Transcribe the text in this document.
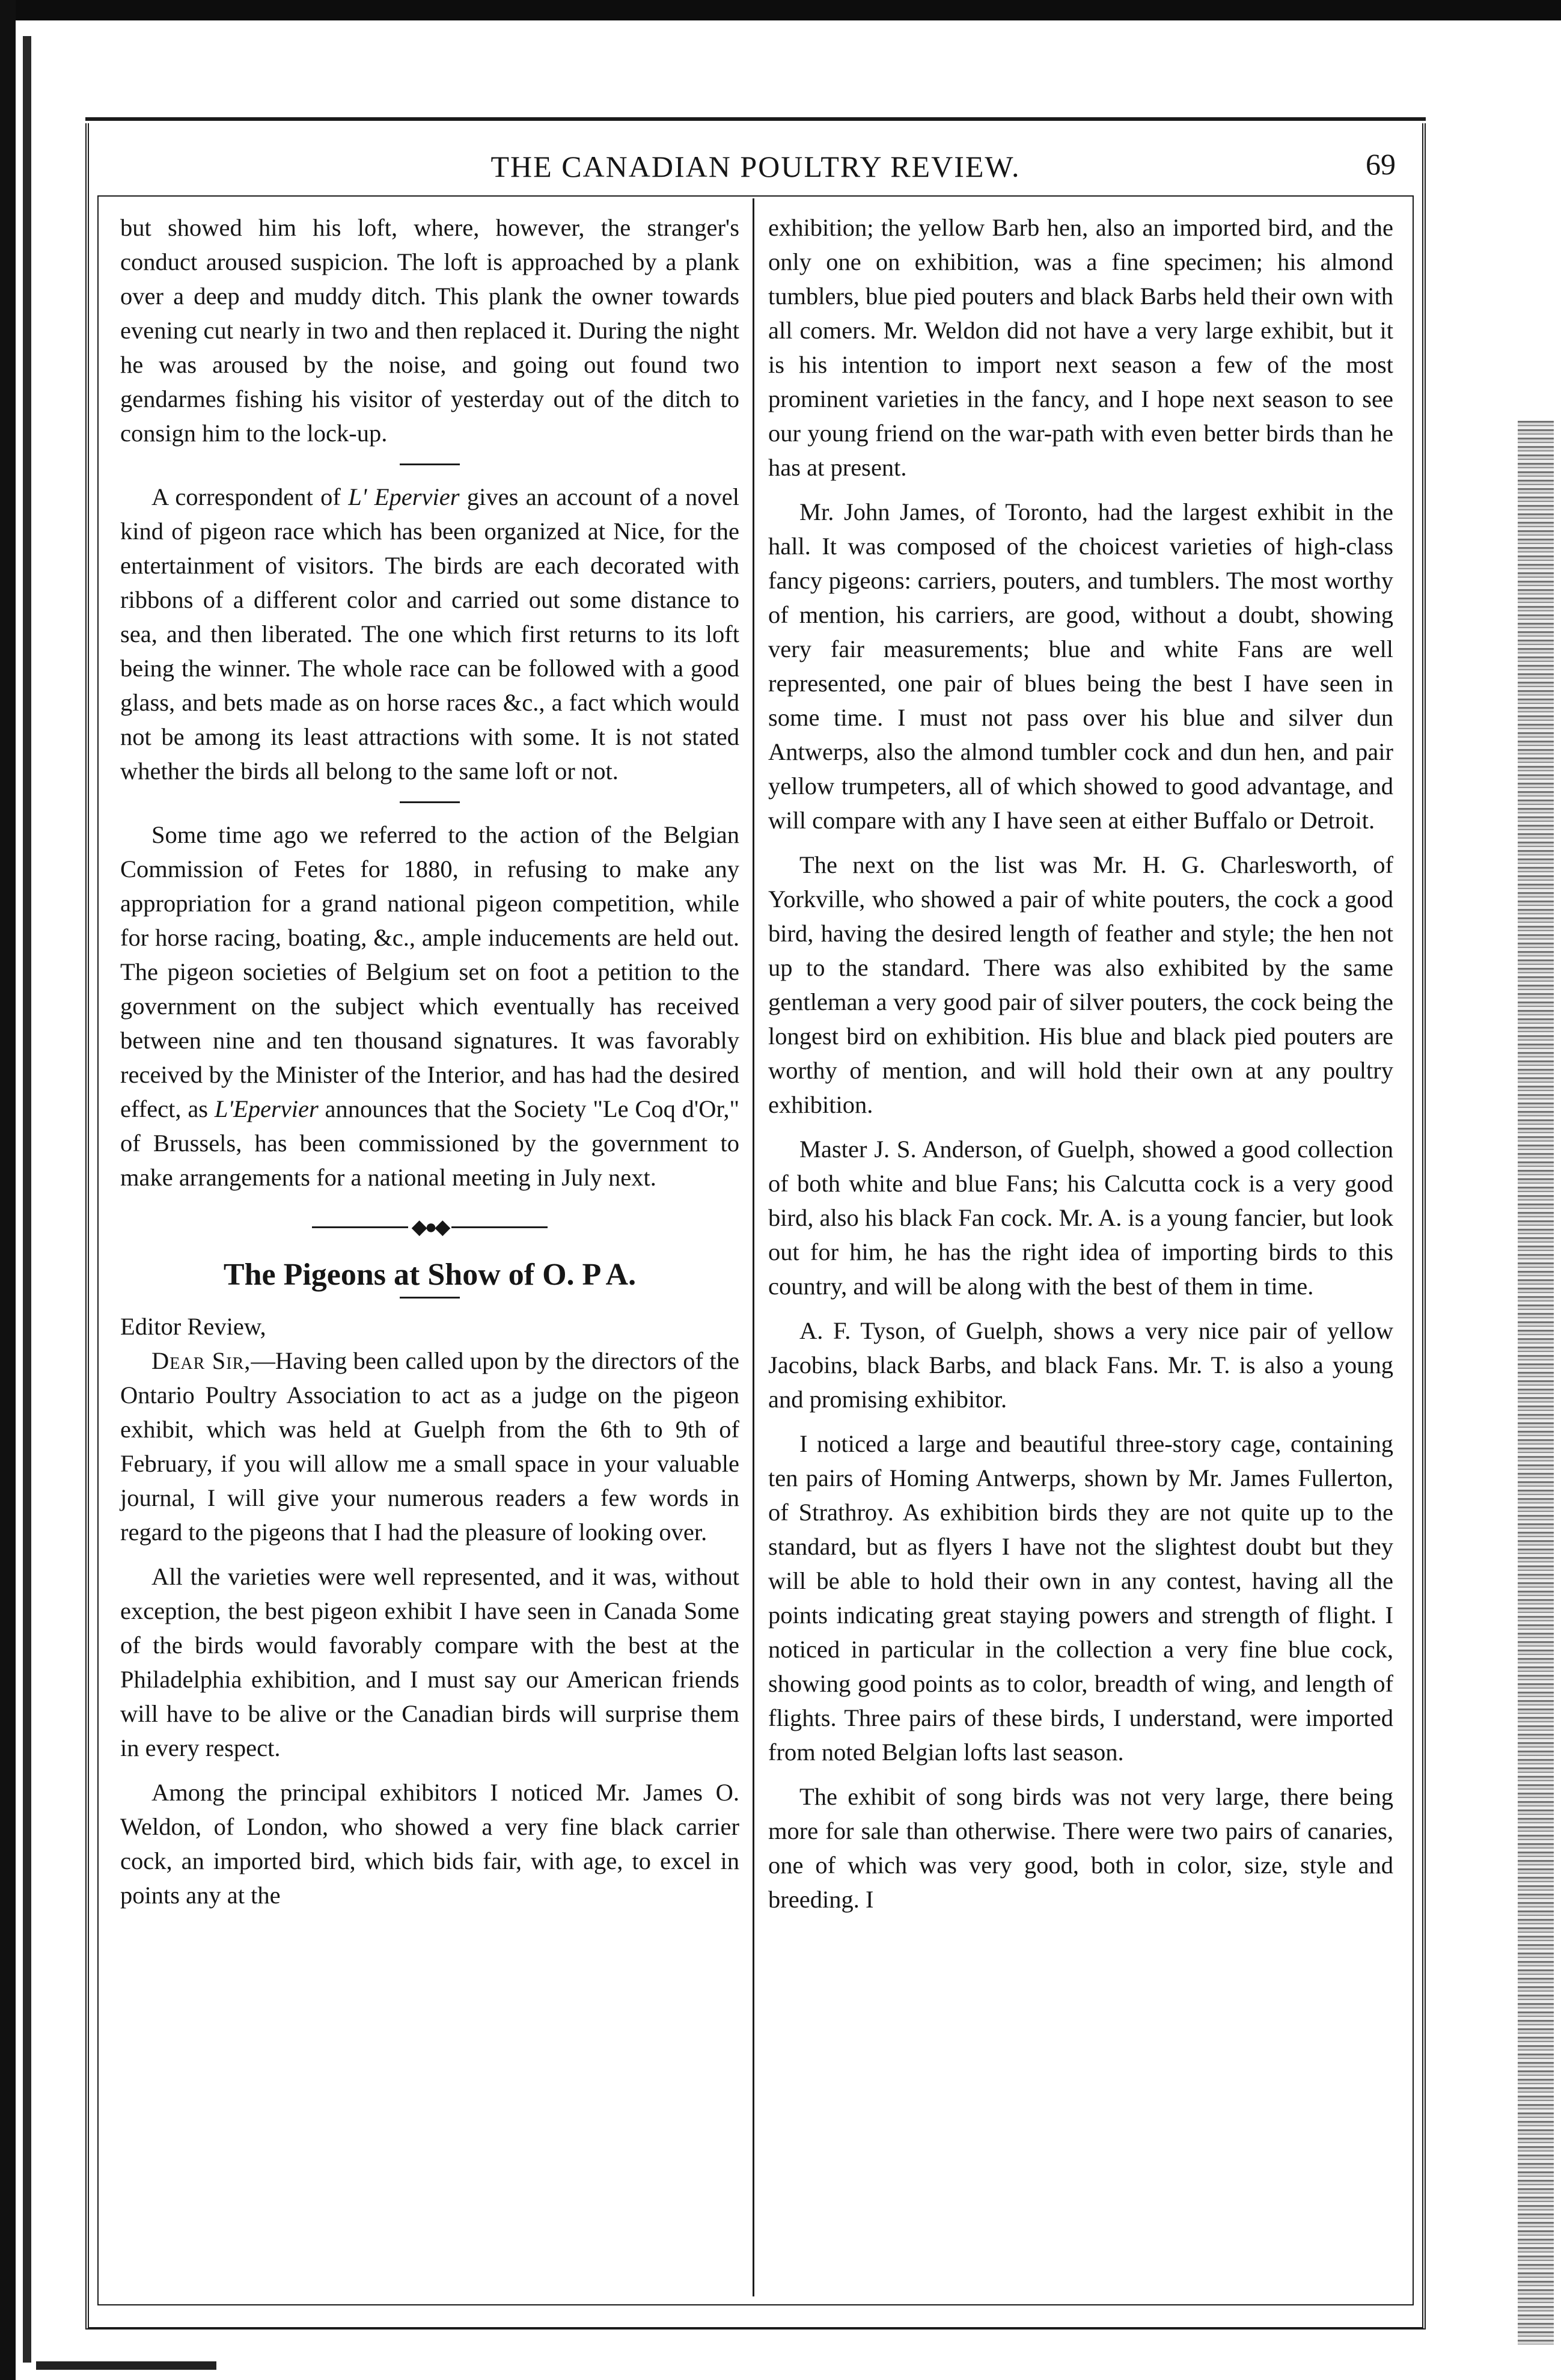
THE CANADIAN POULTRY REVIEW.	69

but showed him his loft, where, however, the stranger's conduct aroused suspicion. The loft is approached by a plank over a deep and muddy ditch. This plank the owner towards evening cut nearly in two and then replaced it. During the night he was aroused by the noise, and going out found two gendarmes fishing his visitor of yesterday out of the ditch to consign him to the lock-up.

A correspondent of L' Epervier gives an account of a novel kind of pigeon race which has been organized at Nice, for the entertainment of visitors. The birds are each decorated with ribbons of a different color and carried out some distance to sea, and then liberated. The one which first returns to its loft being the winner. The whole race can be followed with a good glass, and bets made as on horse races &c., a fact which would not be among its least attractions with some. It is not stated whether the birds all belong to the same loft or not.

Some time ago we referred to the action of the Belgian Commission of Fetes for 1880, in refusing to make any appropriation for a grand national pigeon competition, while for horse racing, boating, &c., ample inducements are held out. The pigeon societies of Belgium set on foot a petition to the government on the subject which eventually has received between nine and ten thousand signatures. It was favorably received by the Minister of the Interior, and has had the desired effect, as L'Epervier announces that the Society "Le Coq d'Or," of Brussels, has been commissioned by the government to make arrangements for a national meeting in July next.

◆●◆
The Pigeons at Show of O. P A.

Editor Review,

Dear Sir,—Having been called upon by the directors of the Ontario Poultry Association to act as a judge on the pigeon exhibit, which was held at Guelph from the 6th to 9th of February, if you will allow me a small space in your valuable journal, I will give your numerous readers a few words in regard to the pigeons that I had the pleasure of looking over.

All the varieties were well represented, and it was, without exception, the best pigeon exhibit I have seen in Canada Some of the birds would favorably compare with the best at the Philadelphia exhibition, and I must say our American friends will have to be alive or the Canadian birds will surprise them in every respect.

Among the principal exhibitors I noticed Mr. James O. Weldon, of London, who showed a very fine black carrier cock, an imported bird, which bids fair, with age, to excel in points any at the

exhibition; the yellow Barb hen, also an imported bird, and the only one on exhibition, was a fine specimen; his almond tumblers, blue pied pouters and black Barbs held their own with all comers. Mr. Weldon did not have a very large exhibit, but it is his intention to import next season a few of the most prominent varieties in the fancy, and I hope next season to see our young friend on the war-path with even better birds than he has at present.

Mr. John James, of Toronto, had the largest exhibit in the hall. It was composed of the choicest varieties of high-class fancy pigeons: carriers, pouters, and tumblers. The most worthy of mention, his carriers, are good, without a doubt, showing very fair measurements; blue and white Fans are well represented, one pair of blues being the best I have seen in some time. I must not pass over his blue and silver dun Antwerps, also the almond tumbler cock and dun hen, and pair yellow trumpeters, all of which showed to good advantage, and will compare with any I have seen at either Buffalo or Detroit.

The next on the list was Mr. H. G. Charlesworth, of Yorkville, who showed a pair of white pouters, the cock a good bird, having the desired length of feather and style; the hen not up to the standard. There was also exhibited by the same gentleman a very good pair of silver pouters, the cock being the longest bird on exhibition. His blue and black pied pouters are worthy of mention, and will hold their own at any poultry exhibition.

Master J. S. Anderson, of Guelph, showed a good collection of both white and blue Fans; his Calcutta cock is a very good bird, also his black Fan cock. Mr. A. is a young fancier, but look out for him, he has the right idea of importing birds to this country, and will be along with the best of them in time.

A. F. Tyson, of Guelph, shows a very nice pair of yellow Jacobins, black Barbs, and black Fans. Mr. T. is also a young and promising exhibitor.

I noticed a large and beautiful three-story cage, containing ten pairs of Homing Antwerps, shown by Mr. James Fullerton, of Strathroy. As exhibition birds they are not quite up to the standard, but as flyers I have not the slightest doubt but they will be able to hold their own in any contest, having all the points indicating great staying powers and strength of flight. I noticed in particular in the collection a very fine blue cock, showing good points as to color, breadth of wing, and length of flights. Three pairs of these birds, I understand, were imported from noted Belgian lofts last season.

The exhibit of song birds was not very large, there being more for sale than otherwise. There were two pairs of canaries, one of which was very good, both in color, size, style and breeding. I
